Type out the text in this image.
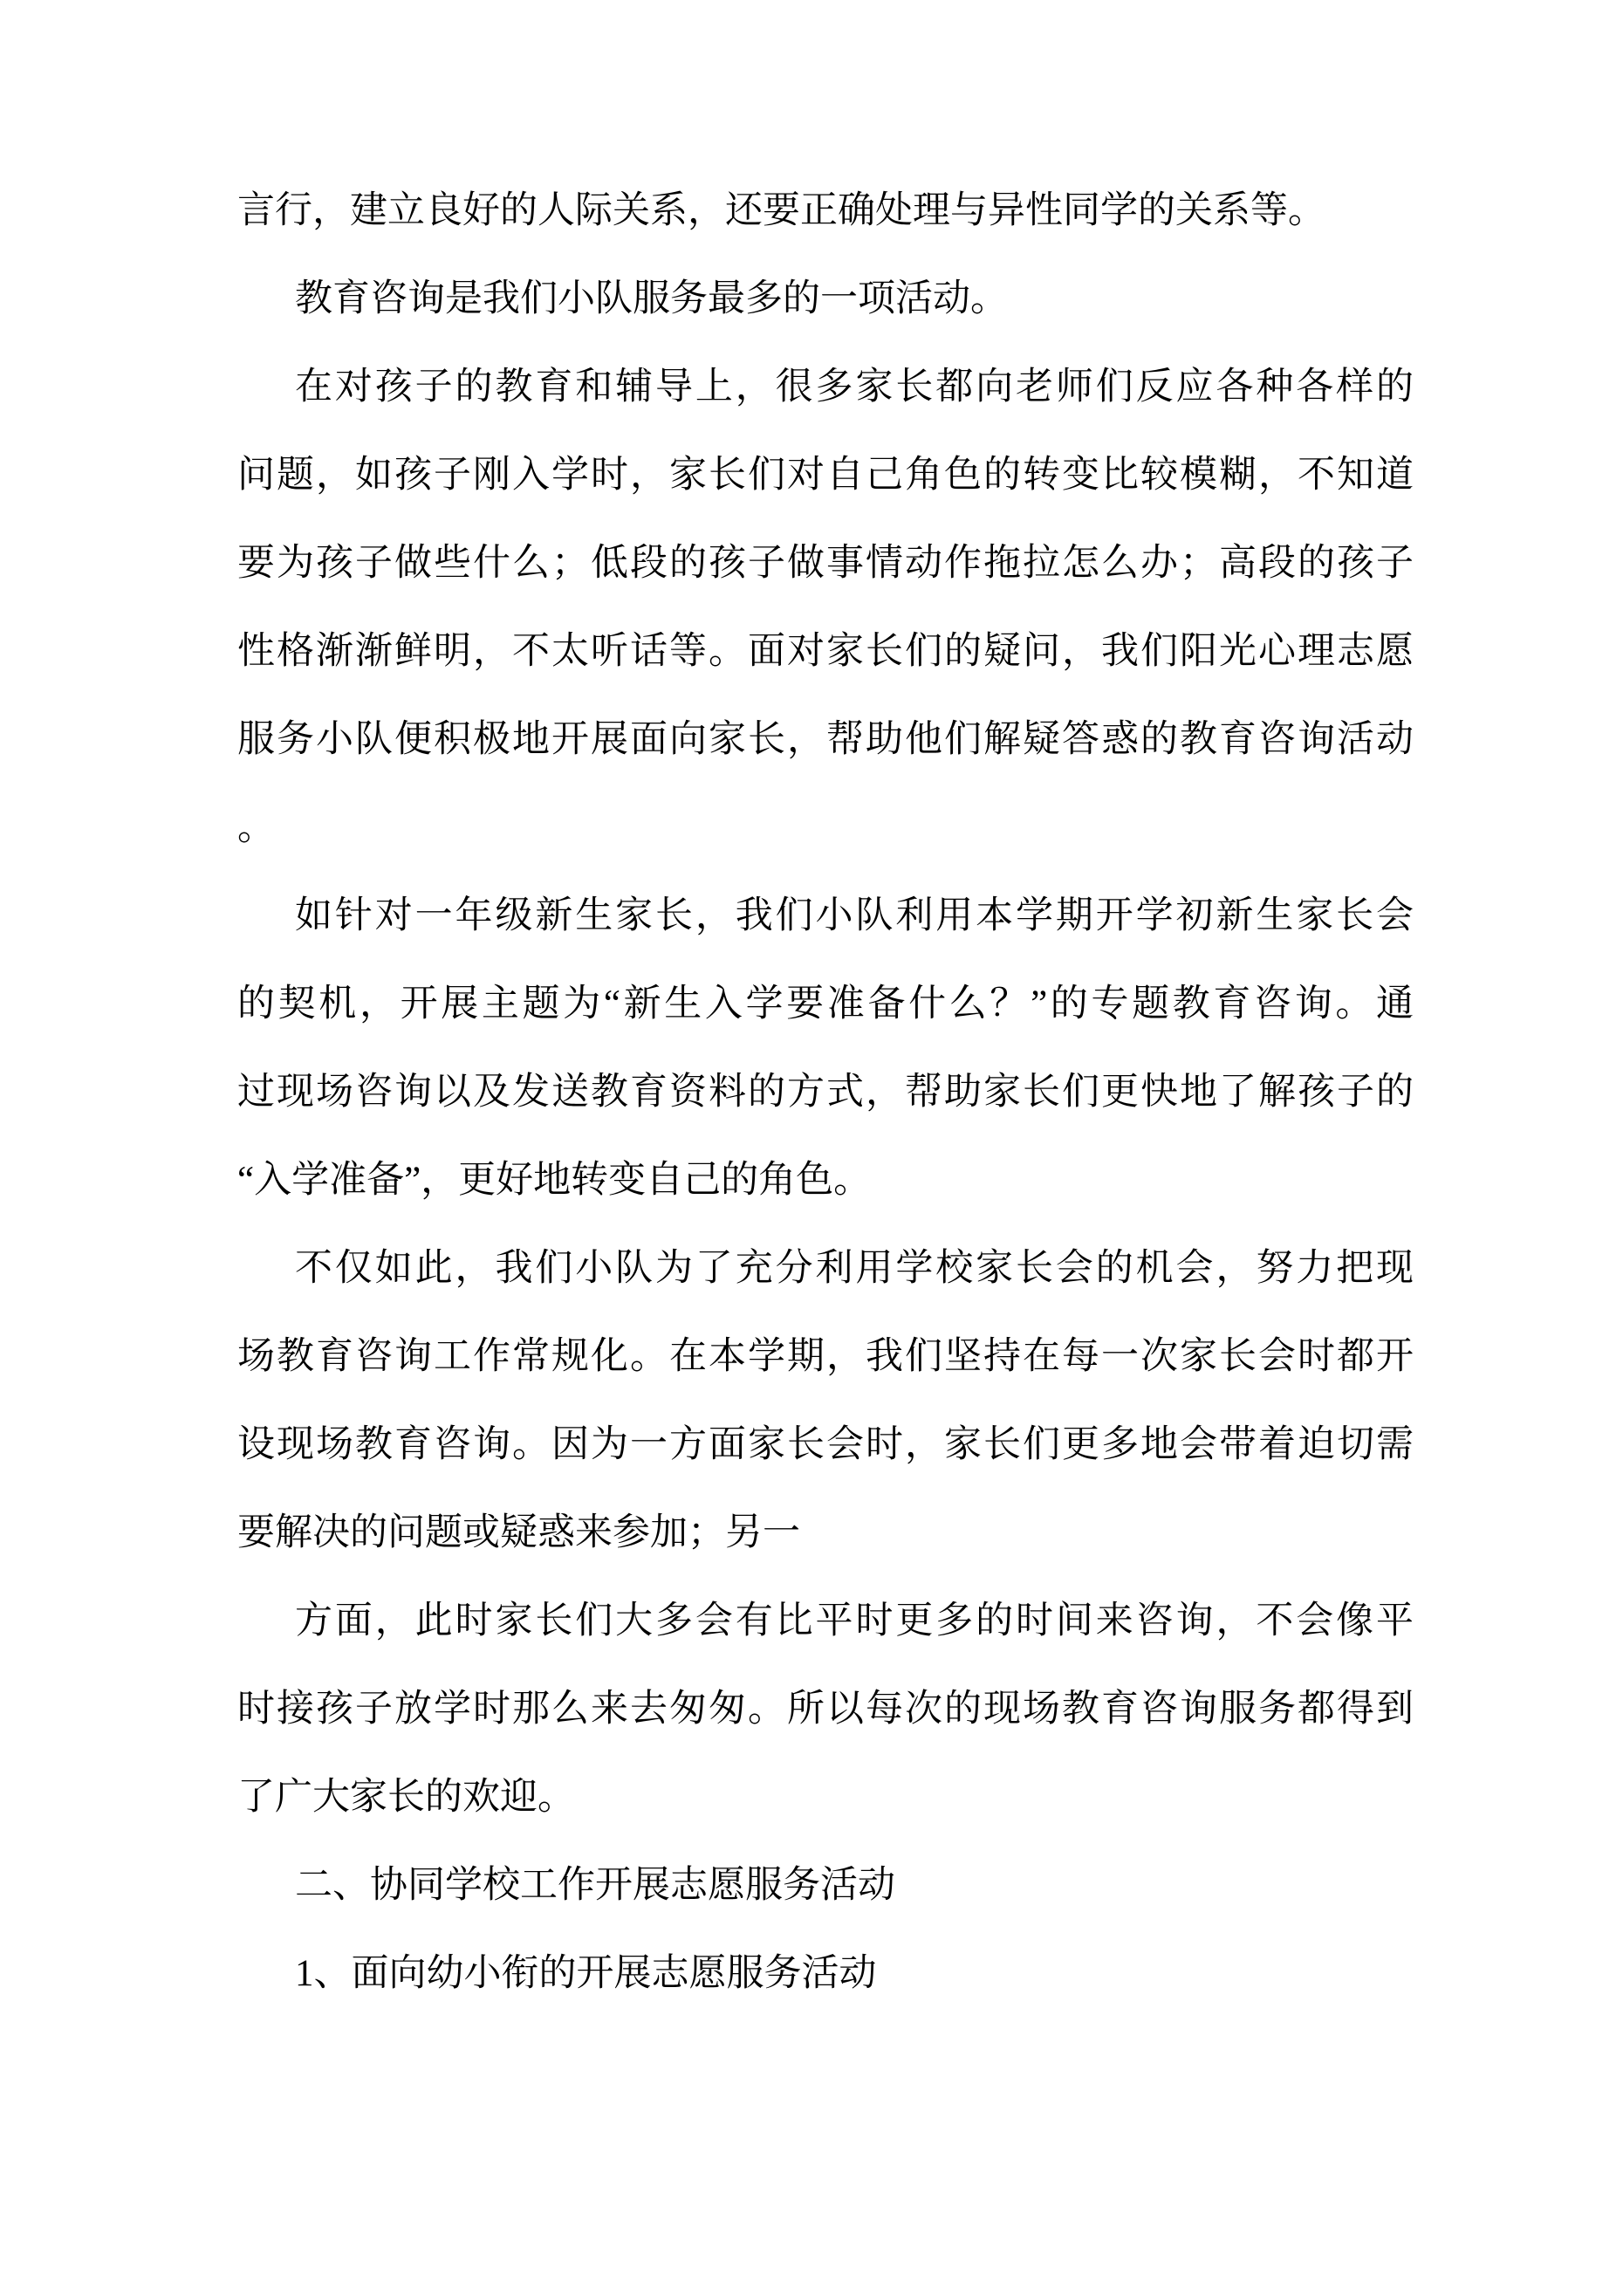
言行，建立良好的人际关系，还要正确处理与异性同学的关系等。
教育咨询是我们小队服务最多的一项活动。
在对孩子的教育和辅导上，很多家长都向老师们反应各种各样的
问题，如孩子刚入学时，家长们对自己角色的转变比较模糊，不知道
要为孩子做些什么；低段的孩子做事情动作拖拉怎么办；高段的孩子
性格渐渐鲜明，不太听话等。面对家长们的疑问，我们阳光心理志愿
服务小队便积极地开展面向家长，帮助他们解疑答惑的教育咨询活动
。
如针对一年级新生家长，我们小队利用本学期开学初新生家长会
的契机，开展主题为“新生入学要准备什么？”的专题教育咨询。通
过现场咨询以及发送教育资料的方式，帮助家长们更快地了解孩子的
“入学准备”，更好地转变自己的角色。
不仅如此，我们小队为了充分利用学校家长会的机会，努力把现
场教育咨询工作常规化。在本学期，我们坚持在每一次家长会时都开
设现场教育咨询。因为一方面家长会时，家长们更多地会带着迫切需
要解决的问题或疑惑来参加；另一
方面，此时家长们大多会有比平时更多的时间来咨询，不会像平
时接孩子放学时那么来去匆匆。所以每次的现场教育咨询服务都得到
了广大家长的欢迎。
二、协同学校工作开展志愿服务活动
1、面向幼小衔的开展志愿服务活动
